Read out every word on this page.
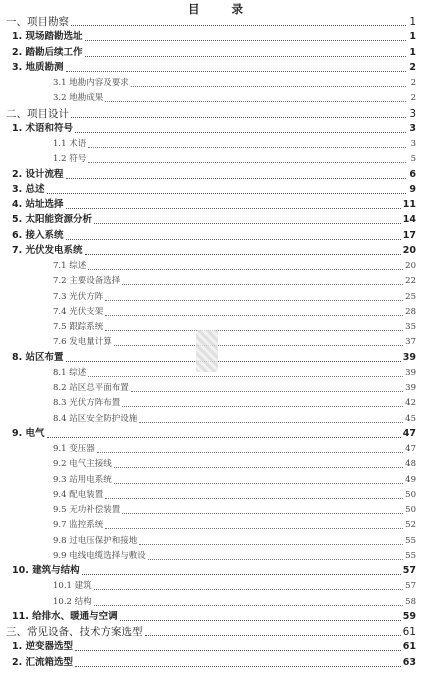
目 录
一、项目勘察	1
1. 现场踏勘选址	1
2. 踏勘后续工作	1
3. 地质勘测	2
3.1 地勘内容及要求	2
3.2 地勘成果	2
二、项目设计	3
1. 术语和符号	3
1.1 术语	3
1.2 符号	5
2. 设计流程	6
3. 总述	9
4. 站址选择	11
5. 太阳能资源分析	14
6. 接入系统	17
7. 光伏发电系统	20
7.1 综述	20
7.2 主要设备选择	22
7.3 光伏方阵	25
7.4 光伏支架	28
7.5 跟踪系统	35
7.6 发电量计算	37
8. 站区布置	39
8.1 综述	39
8.2 站区总平面布置	39
8.3 光伏方阵布置	42
8.4 站区安全防护设施	45
9. 电气	47
9.1 变压器	47
9.2 电气主接线	48
9.3 站用电系统	49
9.4 配电装置	50
9.5 无功补偿装置	50
9.7 监控系统	52
9.8 过电压保护和接地	55
9.9 电线电缆选择与敷设	55
10. 建筑与结构	57
10.1 建筑	57
10.2 结构	58
11. 给排水、暖通与空调	59
三、常见设备、技术方案选型	61
1. 逆变器选型	61
2. 汇流箱选型	63
